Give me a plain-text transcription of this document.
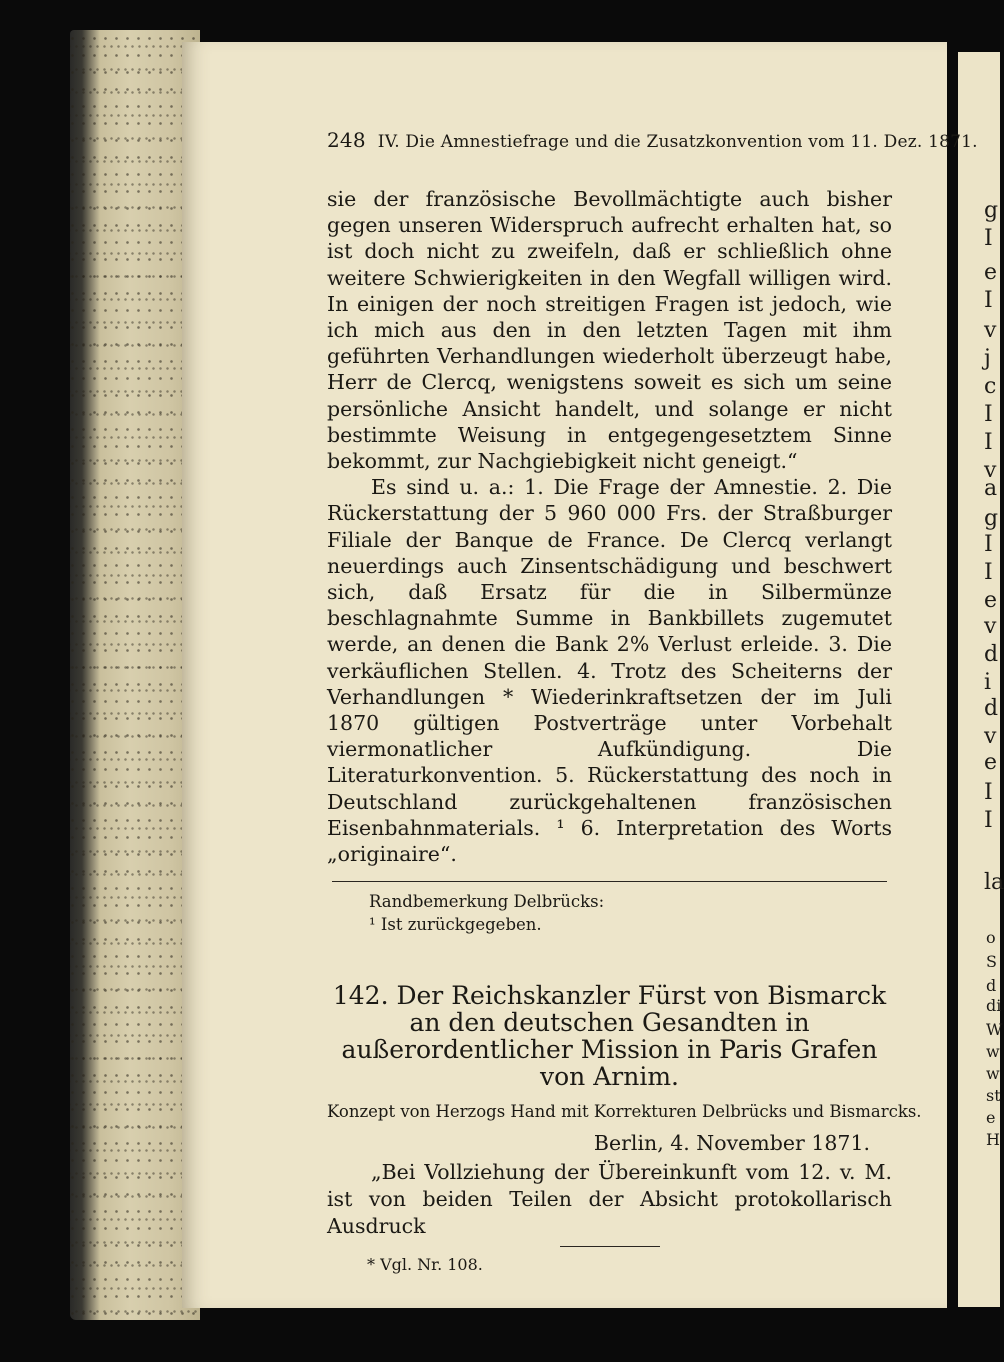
g
I
e
I
v
j
c
I
I
v
a
g
I
I
e
v
d
i
d
v
e
I
I
la
o
S
d
di
W
w
w
st
e
H
248 IV. Die Amnestiefrage und die Zusatzkonvention vom 11. Dez. 1871.

sie der französische Bevollmächtigte auch bisher gegen unseren Widerspruch aufrecht erhalten hat, so ist doch nicht zu zweifeln, daß er schließlich ohne weitere Schwierigkeiten in den Wegfall willigen wird. In einigen der noch streitigen Fragen ist jedoch, wie ich mich aus den in den letzten Tagen mit ihm geführten Verhandlungen wiederholt überzeugt habe, Herr de Clercq, wenigstens soweit es sich um seine persönliche Ansicht handelt, und solange er nicht bestimmte Weisung in entgegengesetztem Sinne bekommt, zur Nachgiebigkeit nicht geneigt.“

Es sind u. a.: 1. Die Frage der Amnestie. 2. Die Rückerstattung der 5 960 000 Frs. der Straßburger Filiale der Banque de France. De Clercq verlangt neuerdings auch Zinsentschädigung und beschwert sich, daß Ersatz für die in Silbermünze beschlagnahmte Summe in Bankbillets zugemutet werde, an denen die Bank 2% Verlust erleide. 3. Die verkäuflichen Stellen. 4. Trotz des Scheiterns der Verhandlungen * Wiederinkraftsetzen der im Juli 1870 gültigen Postverträge unter Vorbehalt viermonatlicher Aufkündigung. Die Literaturkonvention. 5. Rückerstattung des noch in Deutschland zurückgehaltenen französischen Eisenbahnmaterials. ¹ 6. Interpretation des Worts „originaire“.

Randbemerkung Delbrücks:
¹ Ist zurückgegeben.
142. Der Reichskanzler Fürst von Bismarck an den deutschen Gesandten in außerordentlicher Mission in Paris Grafen von Arnim.
Konzept von Herzogs Hand mit Korrekturen Delbrücks und Bismarcks.
Berlin, 4. November 1871.
„Bei Vollziehung der Übereinkunft vom 12. v. M. ist von beiden Teilen der Absicht protokollarisch Ausdruck
* Vgl. Nr. 108.
